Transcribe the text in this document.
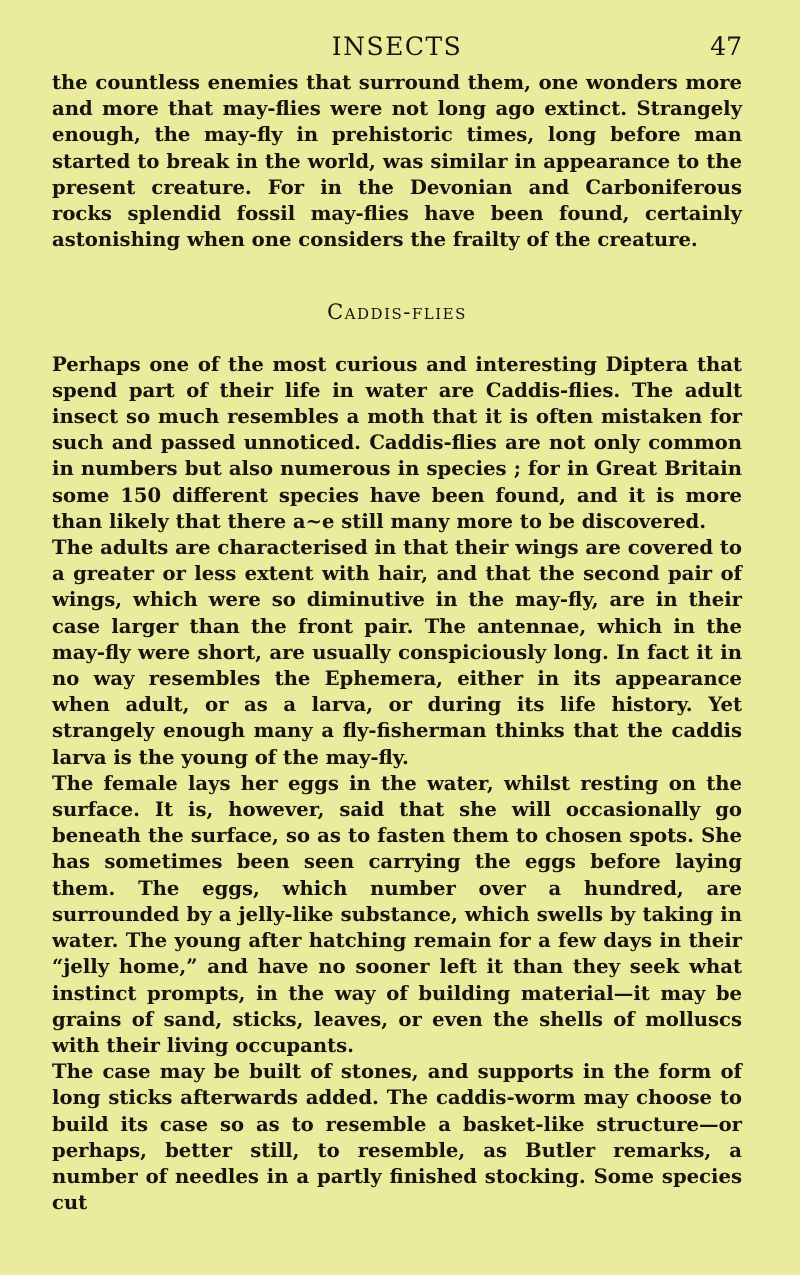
INSECTS	47

the countless enemies that surround them, one wonders more and more that may-flies were not long ago extinct. Strangely enough, the may-fly in prehistoric times, long before man started to break in the world, was similar in appearance to the present creature. For in the Devonian and Carboniferous rocks splendid fossil may-flies have been found, certainly astonishing when one considers the frailty of the creature.

Caddis-flies

Perhaps one of the most curious and interesting Diptera that spend part of their life in water are Caddis-flies. The adult insect so much resembles a moth that it is often mistaken for such and passed unnoticed. Caddis-flies are not only common in numbers but also numerous in species ; for in Great Britain some 150 different species have been found, and it is more than likely that there a~e still many more to be discovered.

The adults are characterised in that their wings are covered to a greater or less extent with hair, and that the second pair of wings, which were so diminutive in the may-fly, are in their case larger than the front pair. The antennae, which in the may-fly were short, are usually conspiciously long. In fact it in no way resembles the Ephemera, either in its appearance when adult, or as a larva, or during its life history. Yet strangely enough many a fly-fisherman thinks that the caddis larva is the young of the may-fly.

The female lays her eggs in the water, whilst resting on the surface. It is, however, said that she will occasionally go beneath the surface, so as to fasten them to chosen spots. She has sometimes been seen carrying the eggs before laying them. The eggs, which number over a hundred, are surrounded by a jelly-like substance, which swells by taking in water. The young after hatching remain for a few days in their “jelly home,” and have no sooner left it than they seek what instinct prompts, in the way of building material—it may be grains of sand, sticks, leaves, or even the shells of molluscs with their living occupants.

The case may be built of stones, and supports in the form of long sticks afterwards added. The caddis-worm may choose to build its case so as to resemble a basket-like structure—or perhaps, better still, to resemble, as Butler remarks, a number of needles in a partly finished stocking. Some species cut
